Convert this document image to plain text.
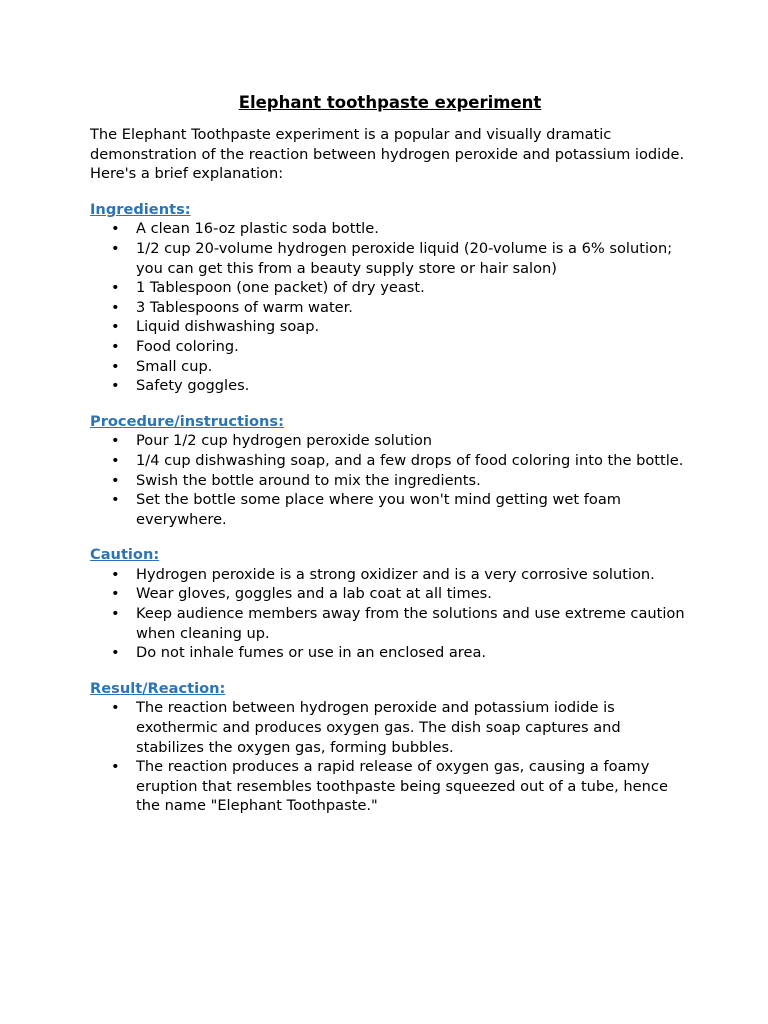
Elephant toothpaste experiment

The Elephant Toothpaste experiment is a popular and visually dramatic demonstration of the reaction between hydrogen peroxide and potassium iodide. Here's a brief explanation:

Ingredients:
• A clean 16-oz plastic soda bottle.
• 1/2 cup 20-volume hydrogen peroxide liquid (20-volume is a 6% solution; you can get this from a beauty supply store or hair salon)
• 1 Tablespoon (one packet) of dry yeast.
• 3 Tablespoons of warm water.
• Liquid dishwashing soap.
• Food coloring.
• Small cup.
• Safety goggles.
Procedure/instructions:
• Pour 1/2 cup hydrogen peroxide solution
• 1/4 cup dishwashing soap, and a few drops of food coloring into the bottle.
• Swish the bottle around to mix the ingredients.
• Set the bottle some place where you won't mind getting wet foam everywhere.
Caution:
• Hydrogen peroxide is a strong oxidizer and is a very corrosive solution.
• Wear gloves, goggles and a lab coat at all times.
• Keep audience members away from the solutions and use extreme caution when cleaning up.
• Do not inhale fumes or use in an enclosed area.
Result/Reaction:
• The reaction between hydrogen peroxide and potassium iodide is exothermic and produces oxygen gas. The dish soap captures and stabilizes the oxygen gas, forming bubbles.
• The reaction produces a rapid release of oxygen gas, causing a foamy eruption that resembles toothpaste being squeezed out of a tube, hence the name "Elephant Toothpaste."
